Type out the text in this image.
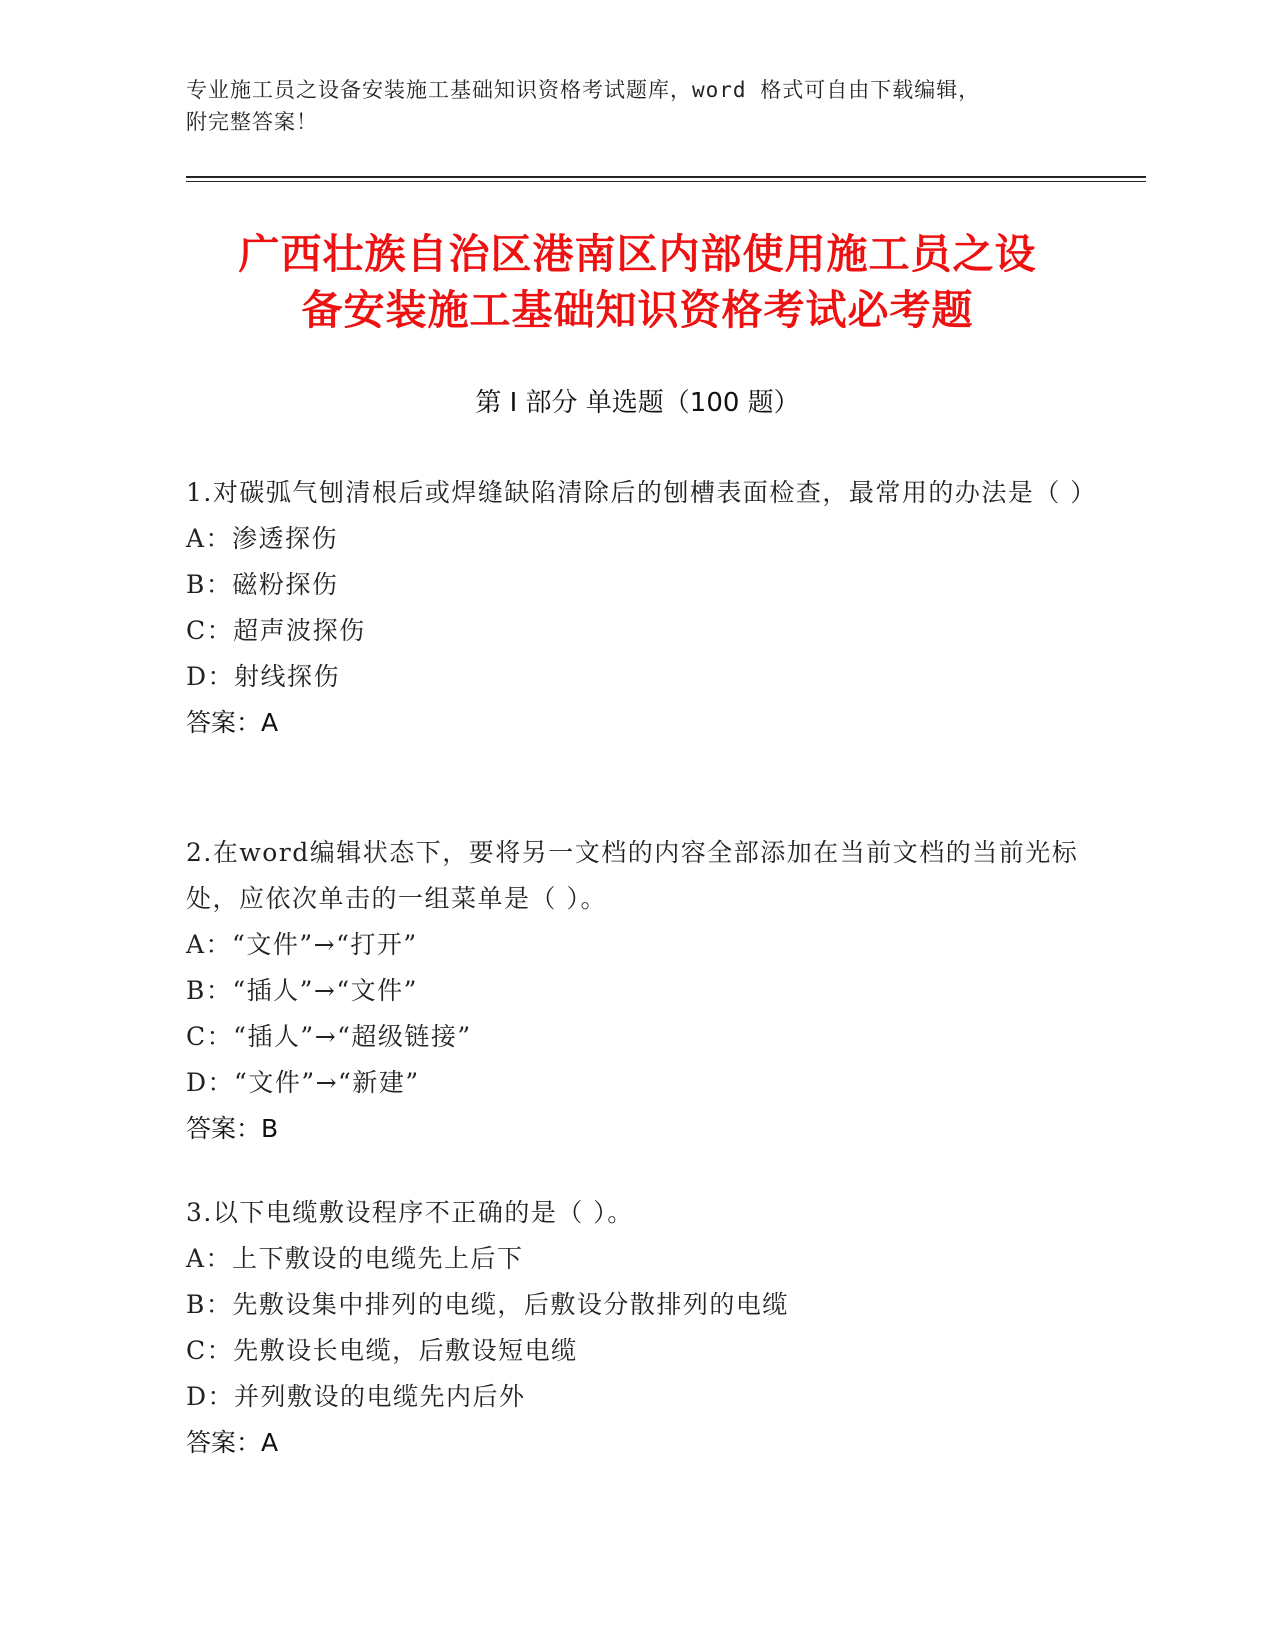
专业施工员之设备安装施工基础知识资格考试题库，word 格式可自由下载编辑，
附完整答案！
广西壮族自治区港南区内部使用施工员之设
备安装施工基础知识资格考试必考题
第 I 部分 单选题（100 题）

1.对碳弧气刨清根后或焊缝缺陷清除后的刨槽表面检查，最常用的办法是（ ）

A：渗透探伤

B：磁粉探伤

C：超声波探伤

D：射线探伤

答案：A

2.在word编辑状态下，要将另一文档的内容全部添加在当前文档的当前光标处，应依次单击的一组菜单是（ ）。

A：“文件”→“打开”

B：“插人”→“文件”

C：“插人”→“超级链接”

D：“文件”→“新建”

答案：B

3.以下电缆敷设程序不正确的是（ ）。

A：上下敷设的电缆先上后下

B：先敷设集中排列的电缆，后敷设分散排列的电缆

C：先敷设长电缆，后敷设短电缆

D：并列敷设的电缆先内后外

答案：A
